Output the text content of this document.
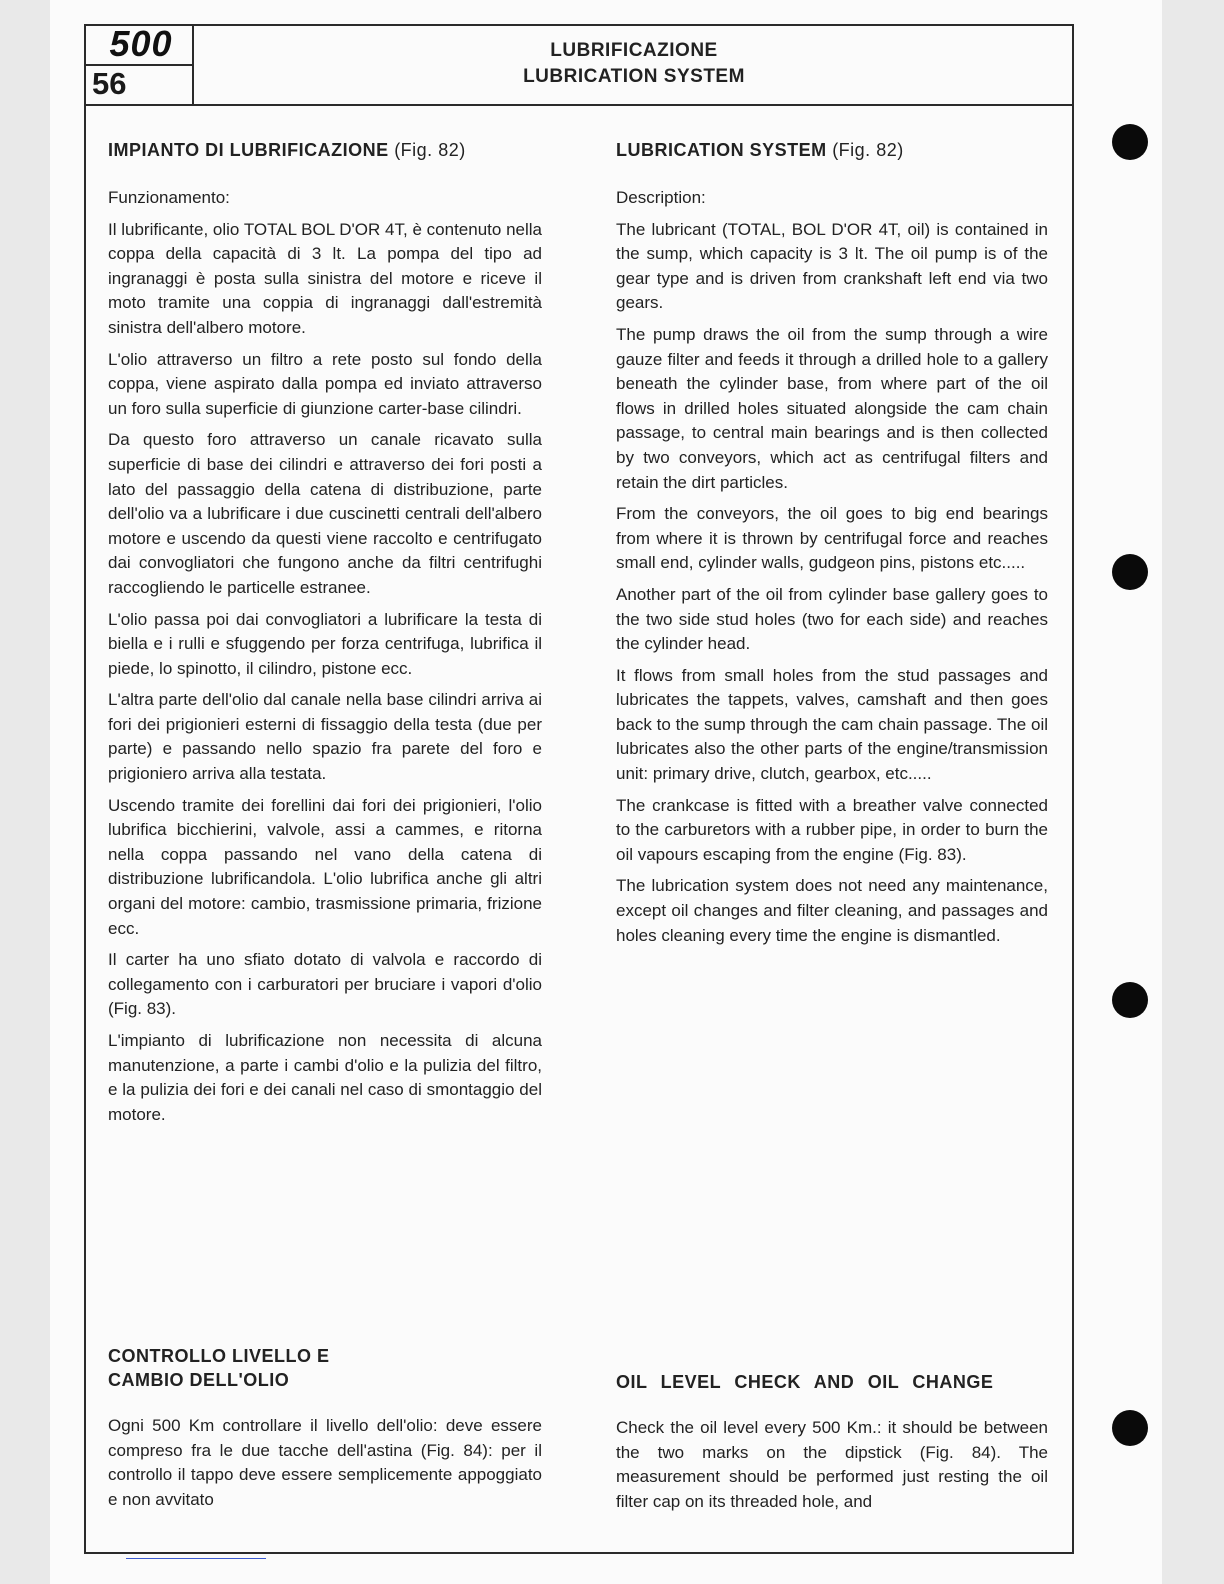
500
56
LUBRIFICAZIONE
LUBRICATION SYSTEM
IMPIANTO DI LUBRIFICAZIONE (Fig. 82)

Funzionamento:

Il lubrificante, olio TOTAL BOL D'OR 4T, è contenuto nella coppa della capacità di 3 lt. La pompa del tipo ad ingranaggi è posta sulla sinistra del motore e riceve il moto tramite una coppia di ingranaggi dall'estremità sinistra dell'albero motore.

L'olio attraverso un filtro a rete posto sul fondo della coppa, viene aspirato dalla pompa ed inviato attraverso un foro sulla superficie di giunzione carter-base cilindri.

Da questo foro attraverso un canale ricavato sulla superficie di base dei cilindri e attraverso dei fori posti a lato del passaggio della catena di distribuzione, parte dell'olio va a lubrificare i due cuscinetti centrali dell'albero motore e uscendo da questi viene raccolto e centrifugato dai convogliatori che fungono anche da filtri centrifughi raccogliendo le particelle estranee.

L'olio passa poi dai convogliatori a lubrificare la testa di biella e i rulli e sfuggendo per forza centrifuga, lubrifica il piede, lo spinotto, il cilindro, pistone ecc.

L'altra parte dell'olio dal canale nella base cilindri arriva ai fori dei prigionieri esterni di fissaggio della testa (due per parte) e passando nello spazio fra parete del foro e prigioniero arriva alla testata.

Uscendo tramite dei forellini dai fori dei prigionieri, l'olio lubrifica bicchierini, valvole, assi a cammes, e ritorna nella coppa passando nel vano della catena di distribuzione lubrificandola. L'olio lubrifica anche gli altri organi del motore: cambio, trasmissione primaria, frizione ecc.

Il carter ha uno sfiato dotato di valvola e raccordo di collegamento con i carburatori per bruciare i vapori d'olio (Fig. 83).

L'impianto di lubrificazione non necessita di alcuna manutenzione, a parte i cambi d'olio e la pulizia del filtro, e la pulizia dei fori e dei canali nel caso di smontaggio del motore.

CONTROLLO LIVELLO E
CAMBIO DELL'OLIO

Ogni 500 Km controllare il livello dell'olio: deve essere compreso fra le due tacche dell'astina (Fig. 84): per il controllo il tappo deve essere semplicemente appoggiato e non avvitato

LUBRICATION SYSTEM (Fig. 82)

Description:

The lubricant (TOTAL, BOL D'OR 4T, oil) is contained in the sump, which capacity is 3 lt. The oil pump is of the gear type and is driven from crankshaft left end via two gears.

The pump draws the oil from the sump through a wire gauze filter and feeds it through a drilled hole to a gallery beneath the cylinder base, from where part of the oil flows in drilled holes situated alongside the cam chain passage, to central main bearings and is then collected by two conveyors, which act as centrifugal filters and retain the dirt particles.

From the conveyors, the oil goes to big end bearings from where it is thrown by centrifugal force and reaches small end, cylinder walls, gudgeon pins, pistons etc.....

Another part of the oil from cylinder base gallery goes to the two side stud holes (two for each side) and reaches the cylinder head.

It flows from small holes from the stud passages and lubricates the tappets, valves, camshaft and then goes back to the sump through the cam chain passage. The oil lubricates also the other parts of the engine/transmission unit: primary drive, clutch, gearbox, etc.....

The crankcase is fitted with a breather valve connected to the carburetors with a rubber pipe, in order to burn the oil vapours escaping from the engine (Fig. 83).

The lubrication system does not need any maintenance, except oil changes and filter cleaning, and passages and holes cleaning every time the engine is dismantled.

OIL LEVEL CHECK AND OIL CHANGE

Check the oil level every 500 Km.: it should be between the two marks on the dipstick (Fig. 84). The measurement should be performed just resting the oil filter cap on its threaded hole, and
